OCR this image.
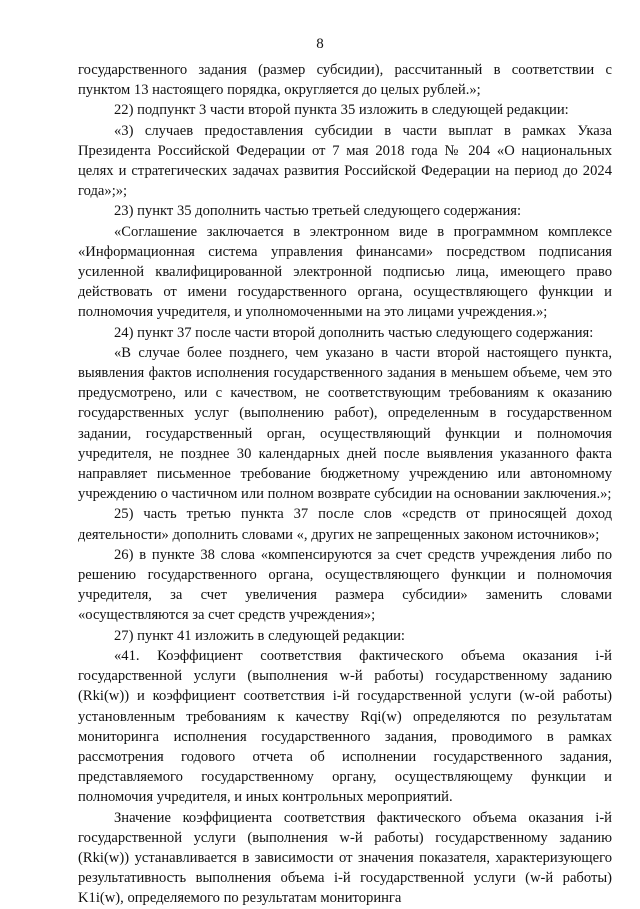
8

государственного задания (размер субсидии), рассчитанный в соответствии с пунктом 13 настоящего порядка, округляется до целых рублей.»;

22) подпункт 3 части второй пункта 35 изложить в следующей редакции:

«3) случаев предоставления субсидии в части выплат в рамках Указа Президента Российской Федерации от 7 мая 2018 года № 204 «О национальных целях и стратегических задачах развития Российской Федерации на период до 2024 года»;»;

23) пункт 35 дополнить частью третьей следующего содержания:

«Соглашение заключается в электронном виде в программном комплексе «Информационная система управления финансами» посредством подписания усиленной квалифицированной электронной подписью лица, имеющего право действовать от имени государственного органа, осуществляющего функции и полномочия учредителя, и уполномоченными на это лицами учреждения.»;

24) пункт 37 после части второй дополнить частью следующего содержания:

«В случае более позднего, чем указано в части второй настоящего пункта, выявления фактов исполнения государственного задания в меньшем объеме, чем это предусмотрено, или с качеством, не соответствующим требованиям к оказанию государственных услуг (выполнению работ), определенным в государственном задании, государственный орган, осуществляющий функции и полномочия учредителя, не позднее 30 календарных дней после выявления указанного факта направляет письменное требование бюджетному учреждению или автономному учреждению о частичном или полном возврате субсидии на основании заключения.»;

25) часть третью пункта 37 после слов «средств от приносящей доход деятельности» дополнить словами «, других не запрещенных законом источников»;

26) в пункте 38 слова «компенсируются за счет средств учреждения либо по решению государственного органа, осуществляющего функции и полномочия учредителя, за счет увеличения размера субсидии» заменить словами «осуществляются за счет средств учреждения»;

27) пункт 41 изложить в следующей редакции:

«41. Коэффициент соответствия фактического объема оказания i-й государственной услуги (выполнения w-й работы) государственному заданию (Rki(w)) и коэффициент соответствия i-й государственной услуги (w-ой работы) установленным требованиям к качеству Rqi(w) определяются по результатам мониторинга исполнения государственного задания, проводимого в рамках рассмотрения годового отчета об исполнении государственного задания, представляемого государственному органу, осуществляющему функции и полномочия учредителя, и иных контрольных мероприятий.

Значение коэффициента соответствия фактического объема оказания i-й государственной услуги (выполнения w-й работы) государственному заданию (Rki(w)) устанавливается в зависимости от значения показателя, характеризующего результативность выполнения объема i-й государственной услуги (w-й работы) K1i(w), определяемого по результатам мониторинга
